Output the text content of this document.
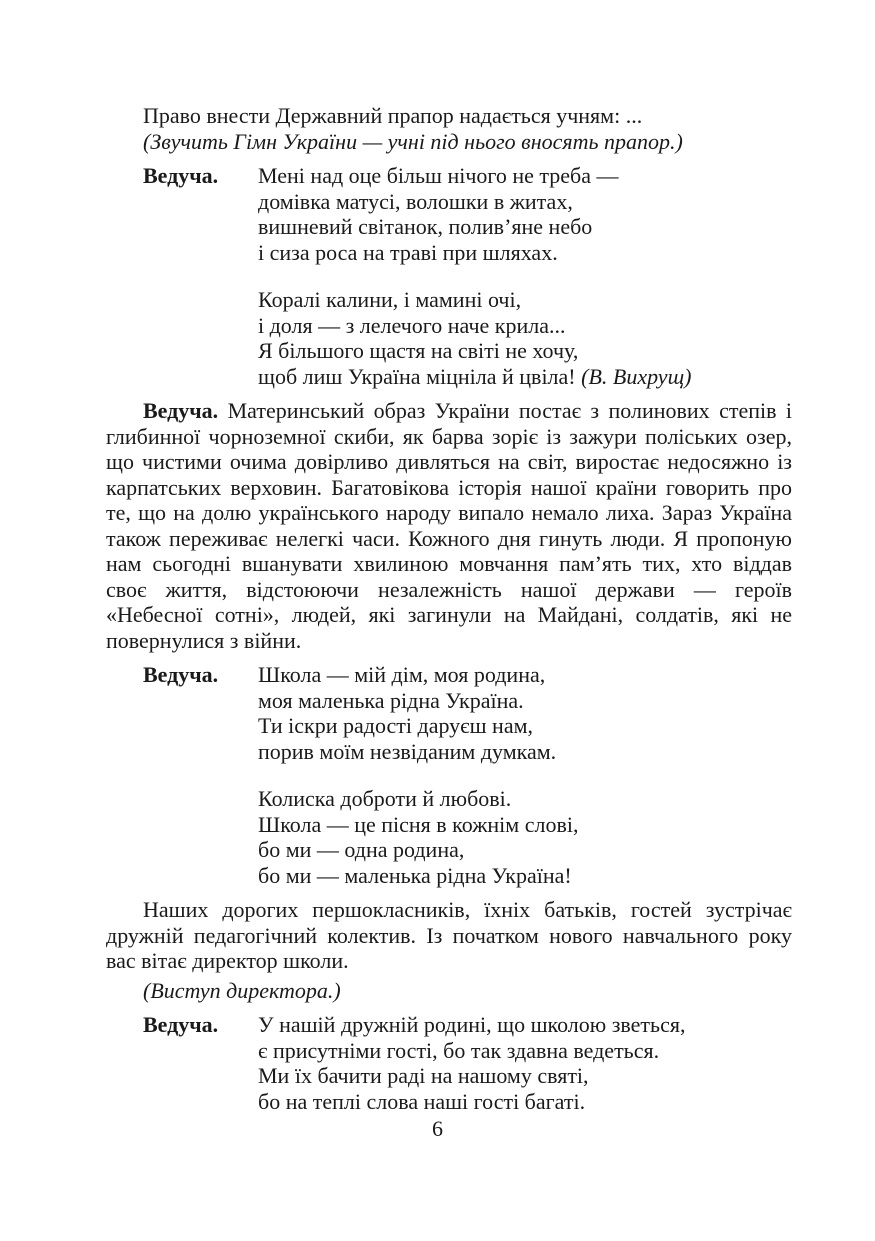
Право внести Державний прапор надається учням: ...
(Звучить Гімн України — учні під нього вносять прапор.)
Ведуча.	Мені над оце більш нічого не треба —
домівка матусі, волошки в житах,
вишневий світанок, полив’яне небо
і сиза роса на траві при шляхах.
Коралі калини, і мамині очі,
і доля — з лелечого наче крила...
Я більшого щастя на світі не хочу,
щоб лиш Україна міцніла й цвіла! (В. Вихрущ)
Ведуча. Материнський образ України постає з полинових степів і глибинної чорноземної скиби, як барва зоріє із зажури поліських озер, що чистими очима довірливо дивляться на світ, виростає недосяжно із карпатських верховин. Багатовікова історія нашої країни говорить про те, що на долю українського народу випало немало лиха. Зараз Україна також переживає нелегкі часи. Кожного дня гинуть люди. Я пропоную нам сьогодні вшанувати хвилиною мовчання пам’ять тих, хто віддав своє життя, відстоюючи незалежність нашої держави — героїв «Небесної сотні», людей, які загинули на Майдані, солдатів, які не повернулися з війни.
Ведуча.	Школа — мій дім, моя родина,
моя маленька рідна Україна.
Ти іскри радості даруєш нам,
порив моїм незвіданим думкам.
Колиска доброти й любові.
Школа — це пісня в кожнім слові,
бо ми — одна родина,
бо ми — маленька рідна Україна!
Наших дорогих першокласників, їхніх батьків, гостей зустрічає дружній педагогічний колектив. Із початком нового навчального року вас вітає директор школи.
(Виступ директора.)
Ведуча.	У нашій дружній родині, що школою зветься,
є присутніми гості, бо так здавна ведеться.
Ми їх бачити раді на нашому святі,
бо на теплі слова наші гості багаті.
6
